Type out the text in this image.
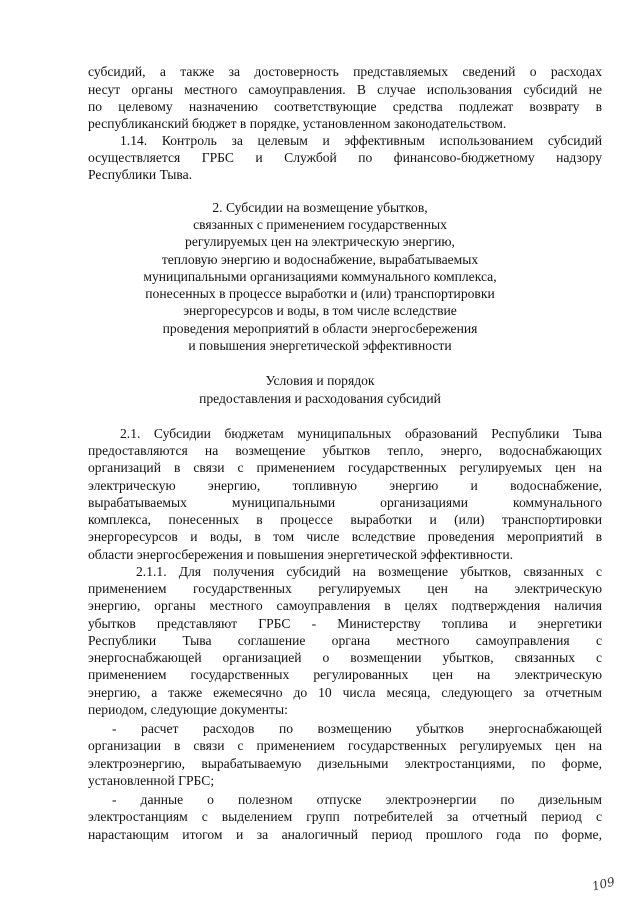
субсидий, а также за достоверность представляемых сведений о расходах
несут органы местного самоуправления. В случае использования субсидий не
по целевому назначению соответствующие средства подлежат возврату в
республиканский бюджет в порядке, установленном законодательством.
1.14. Контроль за целевым и эффективным использованием субсидий
осуществляется ГРБС и Службой по финансово-бюджетному надзору
Республики Тыва.
2. Субсидии на возмещение убытков,
связанных с применением государственных
регулируемых цен на электрическую энергию,
тепловую энергию и водоснабжение, вырабатываемых
муниципальными организациями коммунального комплекса,
понесенных в процессе выработки и (или) транспортировки
энергоресурсов и воды, в том числе вследствие
проведения мероприятий в области энергосбережения
и повышения энергетической эффективности
Условия и порядок
предоставления и расходования субсидий
2.1. Субсидии бюджетам муниципальных образований Республики Тыва
предоставляются на возмещение убытков тепло, энерго, водоснабжающих
организаций в связи с применением государственных регулируемых цен на
электрическую энергию, топливную энергию и водоснабжение,
вырабатываемых муниципальными организациями коммунального
комплекса, понесенных в процессе выработки и (или) транспортировки
энергоресурсов и воды, в том числе вследствие проведения мероприятий в
области энергосбережения и повышения энергетической эффективности.
2.1.1. Для получения субсидий на возмещение убытков, связанных с
применением государственных регулируемых цен на электрическую
энергию, органы местного самоуправления в целях подтверждения наличия
убытков представляют ГРБС - Министерству топлива и энергетики
Республики Тыва соглашение органа местного самоуправления с
энергоснабжающей организацией о возмещении убытков, связанных с
применением государственных регулированных цен на электрическую
энергию, а также ежемесячно до 10 числа месяца, следующего за отчетным
периодом, следующие документы:
- расчет расходов по возмещению убытков энергоснабжающей
организации в связи с применением государственных регулируемых цен на
электроэнергию, вырабатываемую дизельными электростанциями, по форме,
установленной ГРБС;
- данные о полезном отпуске электроэнергии по дизельным
электростанциям с выделением групп потребителей за отчетный период с
нарастающим итогом и за аналогичный период прошлого года по форме,
109
